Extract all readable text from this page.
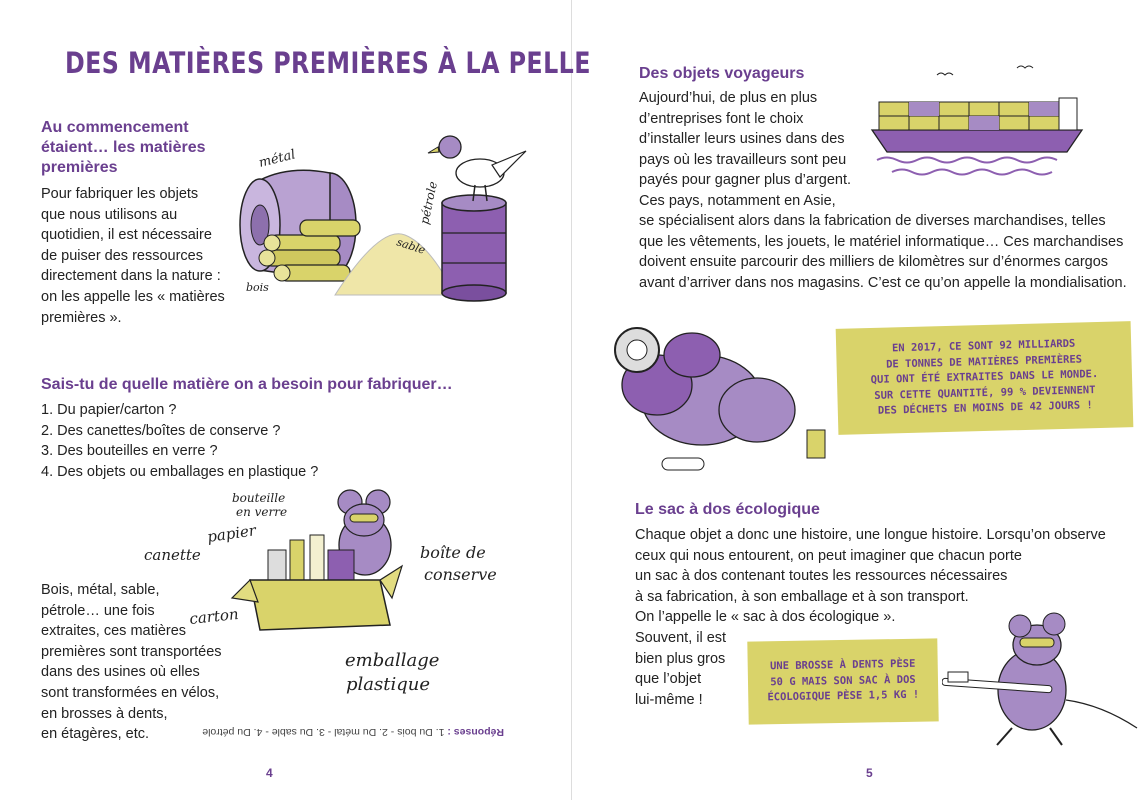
DES MATIÈRES PREMIÈRES À LA PELLE
Au commencement
étaient… les matières
premières
Pour fabriquer les objets
que nous utilisons au
quotidien, il est nécessaire
de puiser des ressources
directement dans la nature :
on les appelle les « matières
premières ».
métal
pétrole
sable
bois
Sais-tu de quelle matière on a besoin pour fabriquer…
1. Du papier/carton ?
2. Des canettes/boîtes de conserve ?
3. Des bouteilles en verre ?
4. Des objets ou emballages en plastique ?
canette
papier
bouteille
en verre
boîte de
conserve
carton
emballage
plastique
Bois, métal, sable,
pétrole… une fois
extraites, ces matières
premières sont transportées
dans des usines où elles
sont transformées en vélos,
en brosses à dents,
en étagères, etc.	Réponses : 1. Du bois - 2. Du métal - 3. Du sable - 4. Du pétrole
4
Des objets voyageurs
Aujourd’hui, de plus en plus
d’entreprises font le choix
d’installer leurs usines dans des
pays où les travailleurs sont peu
payés pour gagner plus d’argent.
Ces pays, notamment en Asie,
se spécialisent alors dans la fabrication de diverses marchandises, telles
que les vêtements, les jouets, le matériel informatique… Ces marchandises
doivent ensuite parcourir des milliers de kilomètres sur d’énormes cargos
avant d’arriver dans nos magasins. C’est ce qu’on appelle la mondialisation.
EN 2017, CE SONT 92 MILLIARDS
DE TONNES DE MATIÈRES PREMIÈRES
QUI ONT ÉTÉ EXTRAITES DANS LE MONDE.
SUR CETTE QUANTITÉ, 99 % DEVIENNENT
DES DÉCHETS EN MOINS DE 42 JOURS !
Le sac à dos écologique
Chaque objet a donc une histoire, une longue histoire. Lorsqu’on observe
ceux qui nous entourent, on peut imaginer que chacun porte
un sac à dos contenant toutes les ressources nécessaires
à sa fabrication, à son emballage et à son transport.
On l’appelle le « sac à dos écologique ».
Souvent, il est
bien plus gros
que l’objet
lui-même !
UNE BROSSE À DENTS PÈSE
50 G MAIS SON SAC À DOS
ÉCOLOGIQUE PÈSE 1,5 KG !
5
